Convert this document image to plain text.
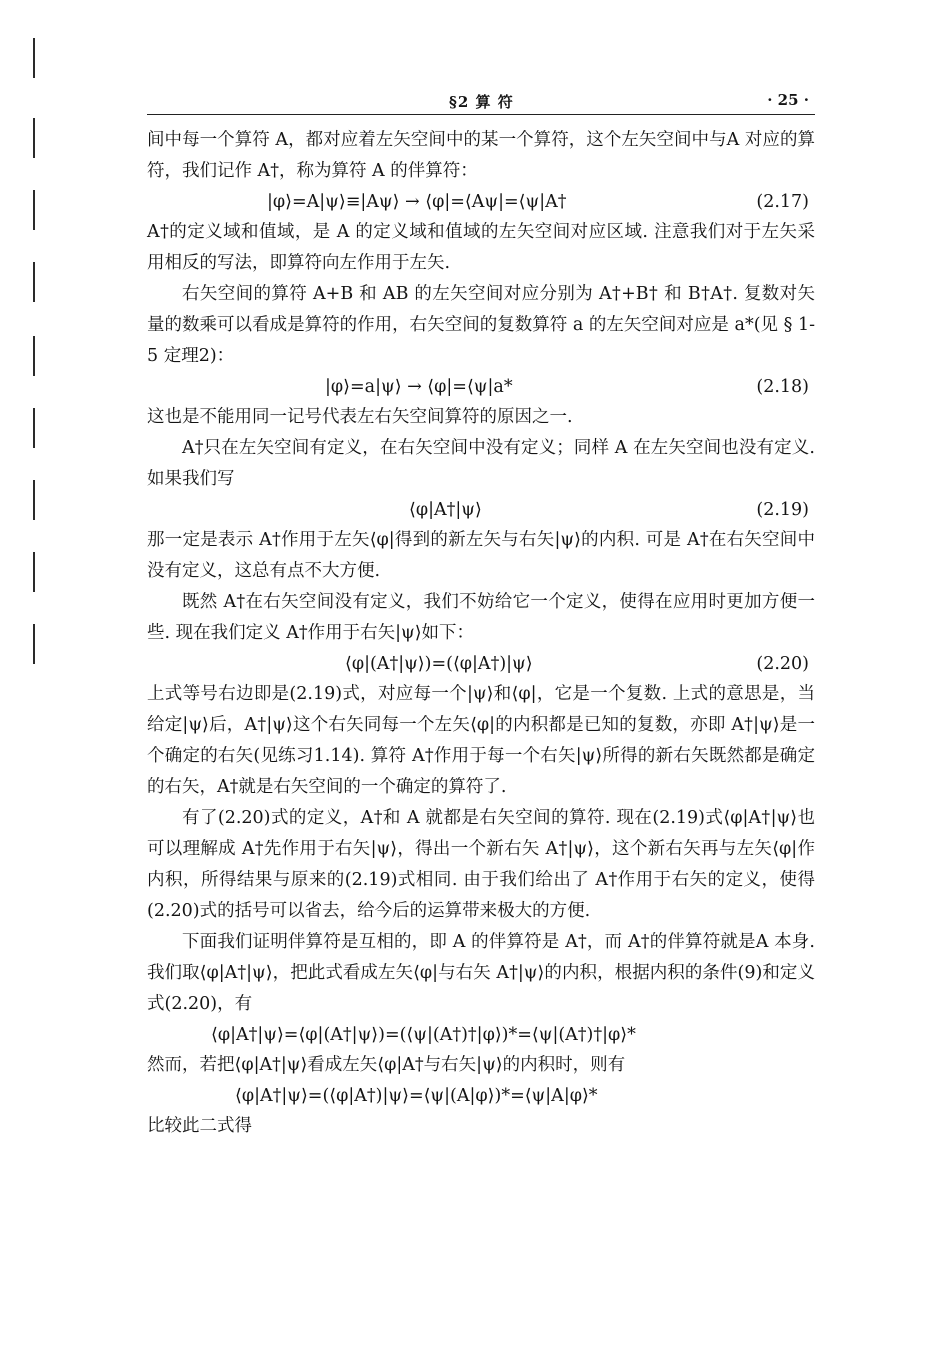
§2 算 符	· 25 ·

间中每一个算符 A，都对应着左矢空间中的某一个算符，这个左矢空间中与A 对应的算符，我们记作 A†，称为算符 A 的伴算符：

|φ⟩=A|ψ⟩≡|Aψ⟩ → ⟨φ|=⟨Aψ|=⟨ψ|A†	(2.17)

A†的定义域和值域，是 A 的定义域和值域的左矢空间对应区域. 注意我们对于左矢采用相反的写法，即算符向左作用于左矢.

右矢空间的算符 A+B 和 AB 的左矢空间对应分别为 A†+B† 和 B†A†. 复数对矢量的数乘可以看成是算符的作用，右矢空间的复数算符 a 的左矢空间对应是 a*(见 § 1-5 定理2)：

|φ⟩=a|ψ⟩ → ⟨φ|=⟨ψ|a*	(2.18)

这也是不能用同一记号代表左右矢空间算符的原因之一.

A†只在左矢空间有定义，在右矢空间中没有定义；同样 A 在左矢空间也没有定义. 如果我们写

⟨φ|A†|ψ⟩	(2.19)

那一定是表示 A†作用于左矢⟨φ|得到的新左矢与右矢|ψ⟩的内积. 可是 A†在右矢空间中没有定义，这总有点不大方便.

既然 A†在右矢空间没有定义，我们不妨给它一个定义，使得在应用时更加方便一些. 现在我们定义 A†作用于右矢|ψ⟩如下：

⟨φ|(A†|ψ⟩)=(⟨φ|A†)|ψ⟩	(2.20)

上式等号右边即是(2.19)式，对应每一个|ψ⟩和⟨φ|，它是一个复数. 上式的意思是，当给定|ψ⟩后，A†|ψ⟩这个右矢同每一个左矢⟨φ|的内积都是已知的复数，亦即 A†|ψ⟩是一个确定的右矢(见练习1.14). 算符 A†作用于每一个右矢|ψ⟩所得的新右矢既然都是确定的右矢，A†就是右矢空间的一个确定的算符了.

有了(2.20)式的定义，A†和 A 就都是右矢空间的算符. 现在(2.19)式⟨φ|A†|ψ⟩也可以理解成 A†先作用于右矢|ψ⟩，得出一个新右矢 A†|ψ⟩，这个新右矢再与左矢⟨φ|作内积，所得结果与原来的(2.19)式相同. 由于我们给出了 A†作用于右矢的定义，使得(2.20)式的括号可以省去，给今后的运算带来极大的方便.

下面我们证明伴算符是互相的，即 A 的伴算符是 A†，而 A†的伴算符就是A 本身. 我们取⟨φ|A†|ψ⟩，把此式看成左矢⟨φ|与右矢 A†|ψ⟩的内积，根据内积的条件(9)和定义式(2.20)，有

⟨φ|A†|ψ⟩=⟨φ|(A†|ψ⟩)=(⟨ψ|(A†)†|φ⟩)*=⟨ψ|(A†)†|φ⟩*

然而，若把⟨φ|A†|ψ⟩看成左矢⟨φ|A†与右矢|ψ⟩的内积时，则有

⟨φ|A†|ψ⟩=(⟨φ|A†)|ψ⟩=⟨ψ|(A|φ⟩)*=⟨ψ|A|φ⟩*

比较此二式得
